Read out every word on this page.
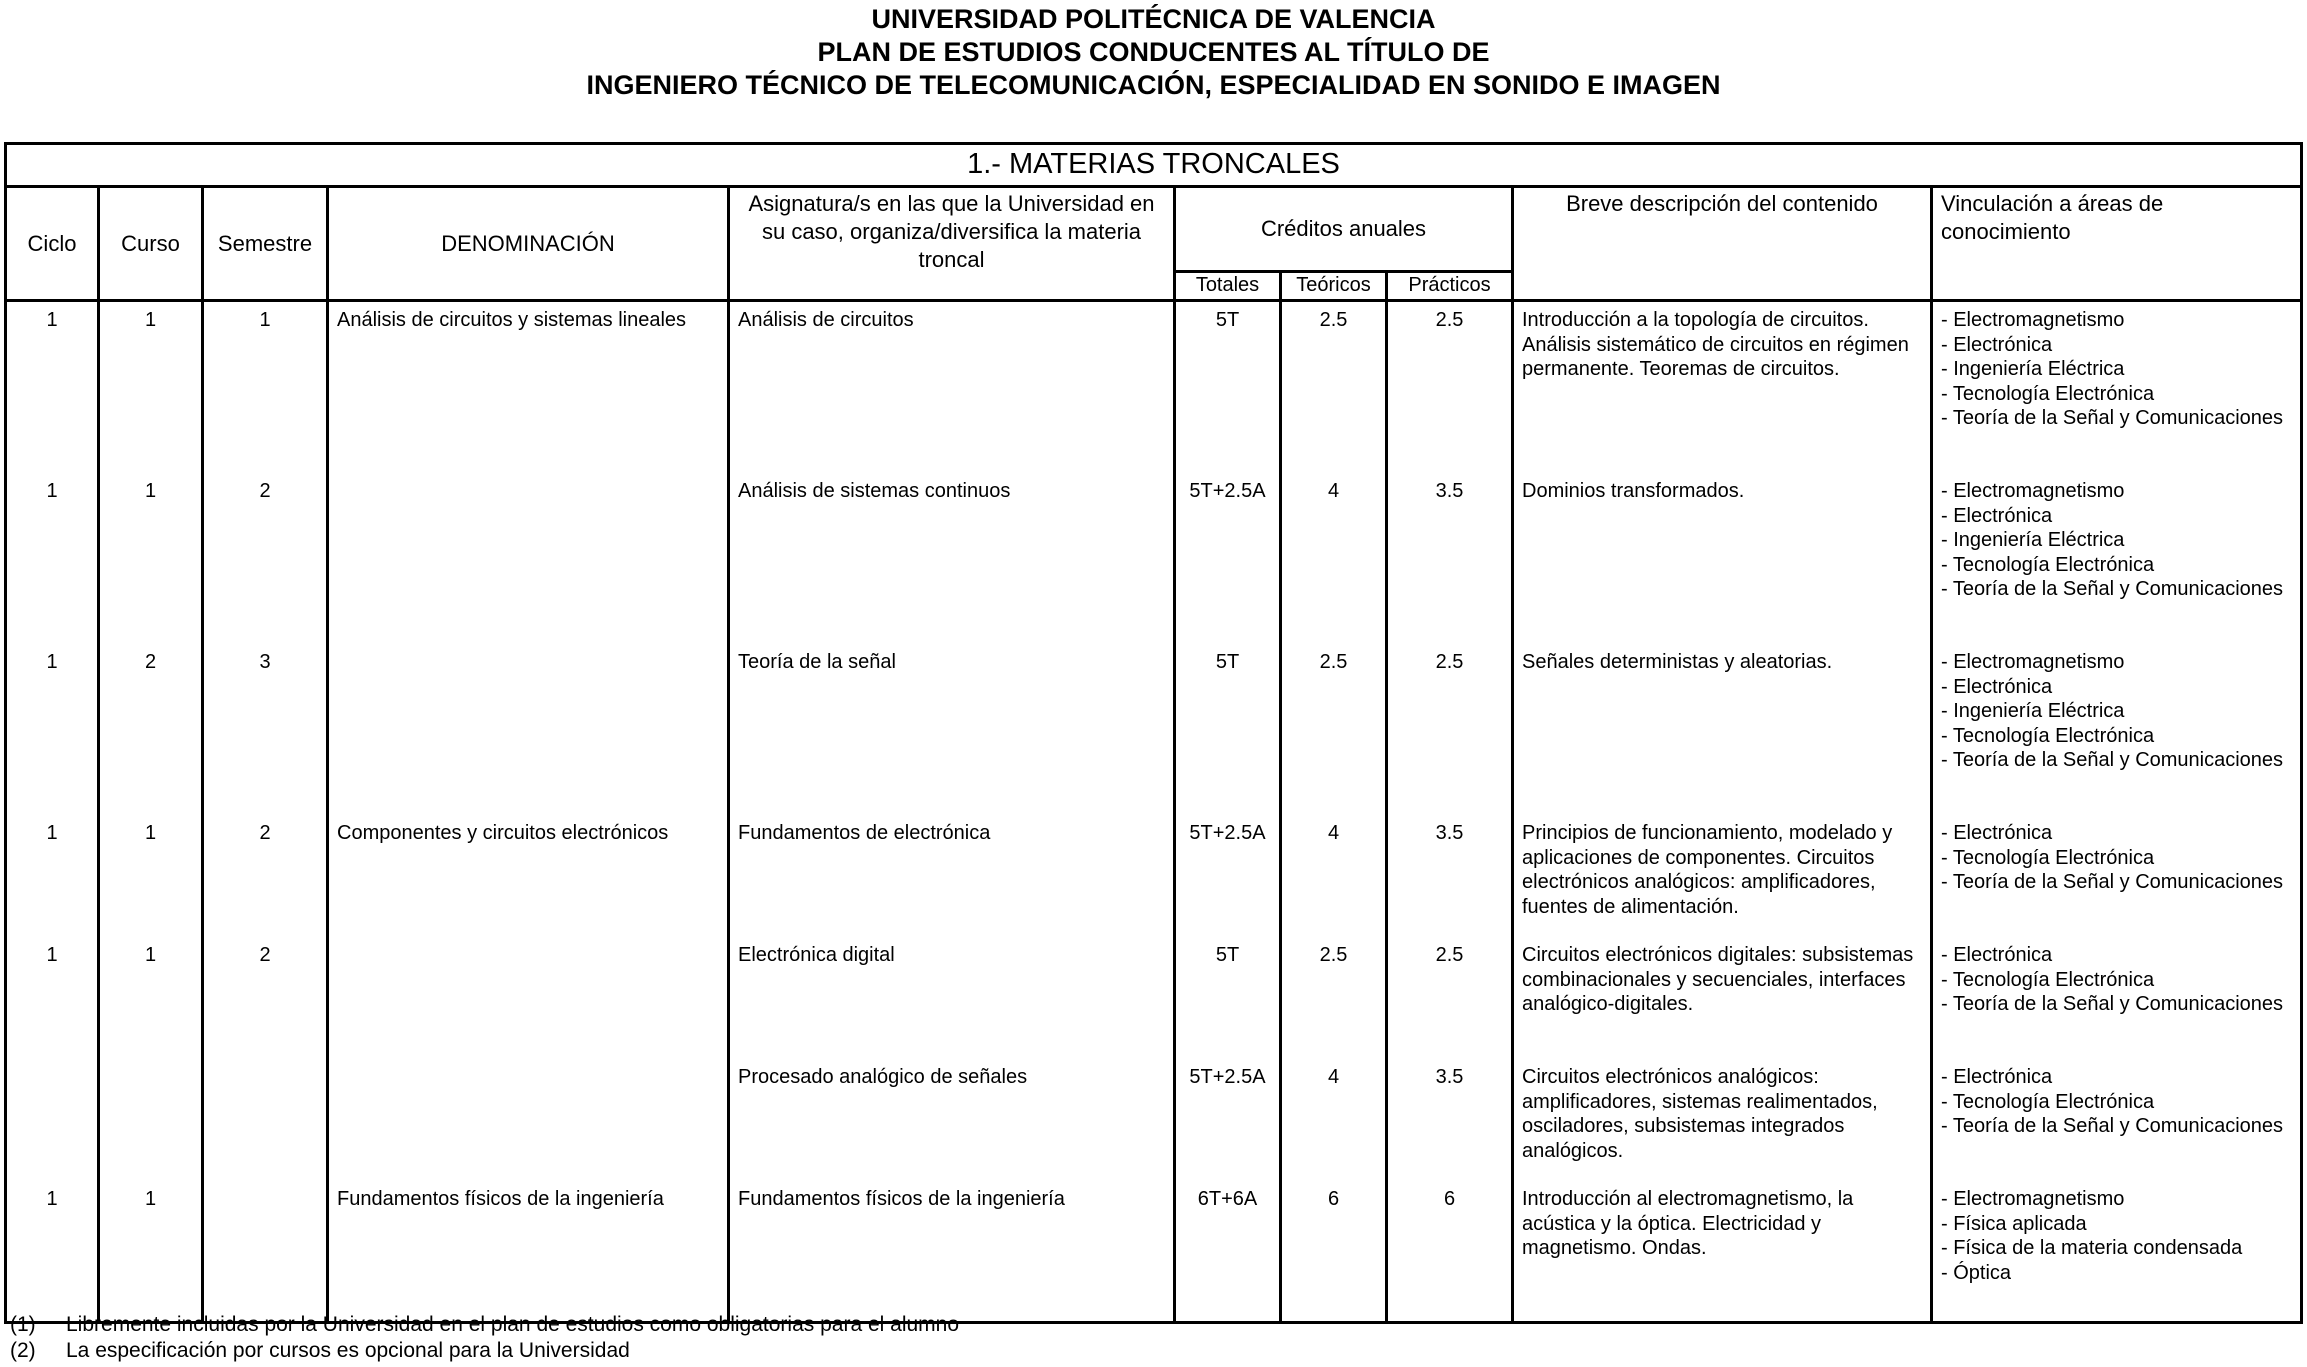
UNIVERSIDAD POLITÉCNICA DE VALENCIA
PLAN DE ESTUDIOS CONDUCENTES AL TÍTULO DE
INGENIERO TÉCNICO DE TELECOMUNICACIÓN, ESPECIALIDAD EN SONIDO E IMAGEN
1.- MATERIAS TRONCALES									
Ciclo	Curso	Semestre	DENOMINACIÓN	Asignatura/s en las que la Universidad en su caso, organiza/diversifica la materia troncal	Créditos anuales			Breve descripción del contenido	Vinculación a áreas de conocimiento
					Totales	Teóricos	Prácticos		
1	1	1	Análisis de circuitos y sistemas lineales	Análisis de circuitos	5T	2.5	2.5	Introducción a la topología de circuitos. Análisis sistemático de circuitos en régimen permanente. Teoremas de circuitos.	- Electromagnetismo
- Electrónica
- Ingeniería Eléctrica
- Tecnología Electrónica
- Teoría de la Señal y Comunicaciones

1	1	2		Análisis de sistemas continuos	5T+2.5A	4	3.5	Dominios transformados.	- Electromagnetismo
- Electrónica
- Ingeniería Eléctrica
- Tecnología Electrónica
- Teoría de la Señal y Comunicaciones

1	2	3		Teoría de la señal	5T	2.5	2.5	Señales deterministas y aleatorias.	- Electromagnetismo
- Electrónica
- Ingeniería Eléctrica
- Tecnología Electrónica
- Teoría de la Señal y Comunicaciones

1	1	2	Componentes y circuitos electrónicos	Fundamentos de electrónica	5T+2.5A	4	3.5	Principios de funcionamiento, modelado y aplicaciones de componentes. Circuitos electrónicos analógicos: amplificadores, fuentes de alimentación.	- Electrónica
- Tecnología Electrónica
- Teoría de la Señal y Comunicaciones

1	1	2		Electrónica digital	5T	2.5	2.5	Circuitos electrónicos digitales: subsistemas combinacionales y secuenciales, interfaces analógico-digitales.	- Electrónica
- Tecnología Electrónica
- Teoría de la Señal y Comunicaciones

				Procesado analógico de señales	5T+2.5A	4	3.5	Circuitos electrónicos analógicos: amplificadores, sistemas realimentados, osciladores, subsistemas integrados analógicos.	- Electrónica
- Tecnología Electrónica
- Teoría de la Señal y Comunicaciones

1	1		Fundamentos físicos de la ingeniería	Fundamentos físicos de la ingeniería	6T+6A	6	6	Introducción al electromagnetismo, la acústica y la óptica. Electricidad y magnetismo. Ondas.	- Electromagnetismo
- Física aplicada
- Física de la materia condensada
- Óptica
(1)	Libremente incluidas por la Universidad en el plan de estudios como obligatorias para el alumno
(2)	La especificación por cursos es opcional para la Universidad
